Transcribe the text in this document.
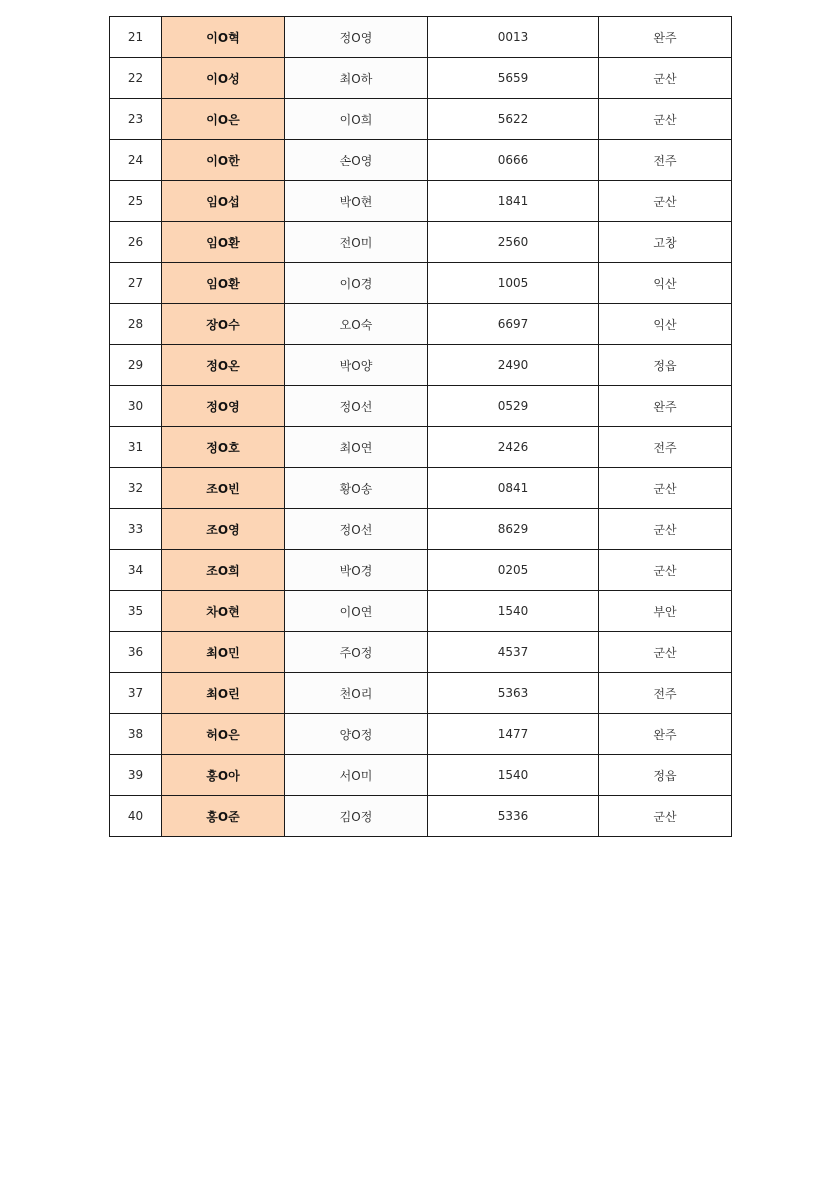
21	이O혁	정O영	0013	완주
22	이O성	최O하	5659	군산
23	이O은	이O희	5622	군산
24	이O한	손O영	0666	전주
25	임O섭	박O현	1841	군산
26	임O환	전O미	2560	고창
27	임O환	이O경	1005	익산
28	장O수	오O숙	6697	익산
29	정O온	박O양	2490	정읍
30	정O영	정O선	0529	완주
31	정O호	최O연	2426	전주
32	조O빈	황O송	0841	군산
33	조O영	정O선	8629	군산
34	조O희	박O경	0205	군산
35	차O현	이O연	1540	부안
36	최O민	주O정	4537	군산
37	최O린	천O리	5363	전주
38	허O은	양O정	1477	완주
39	홍O아	서O미	1540	정읍
40	홍O준	김O정	5336	군산
